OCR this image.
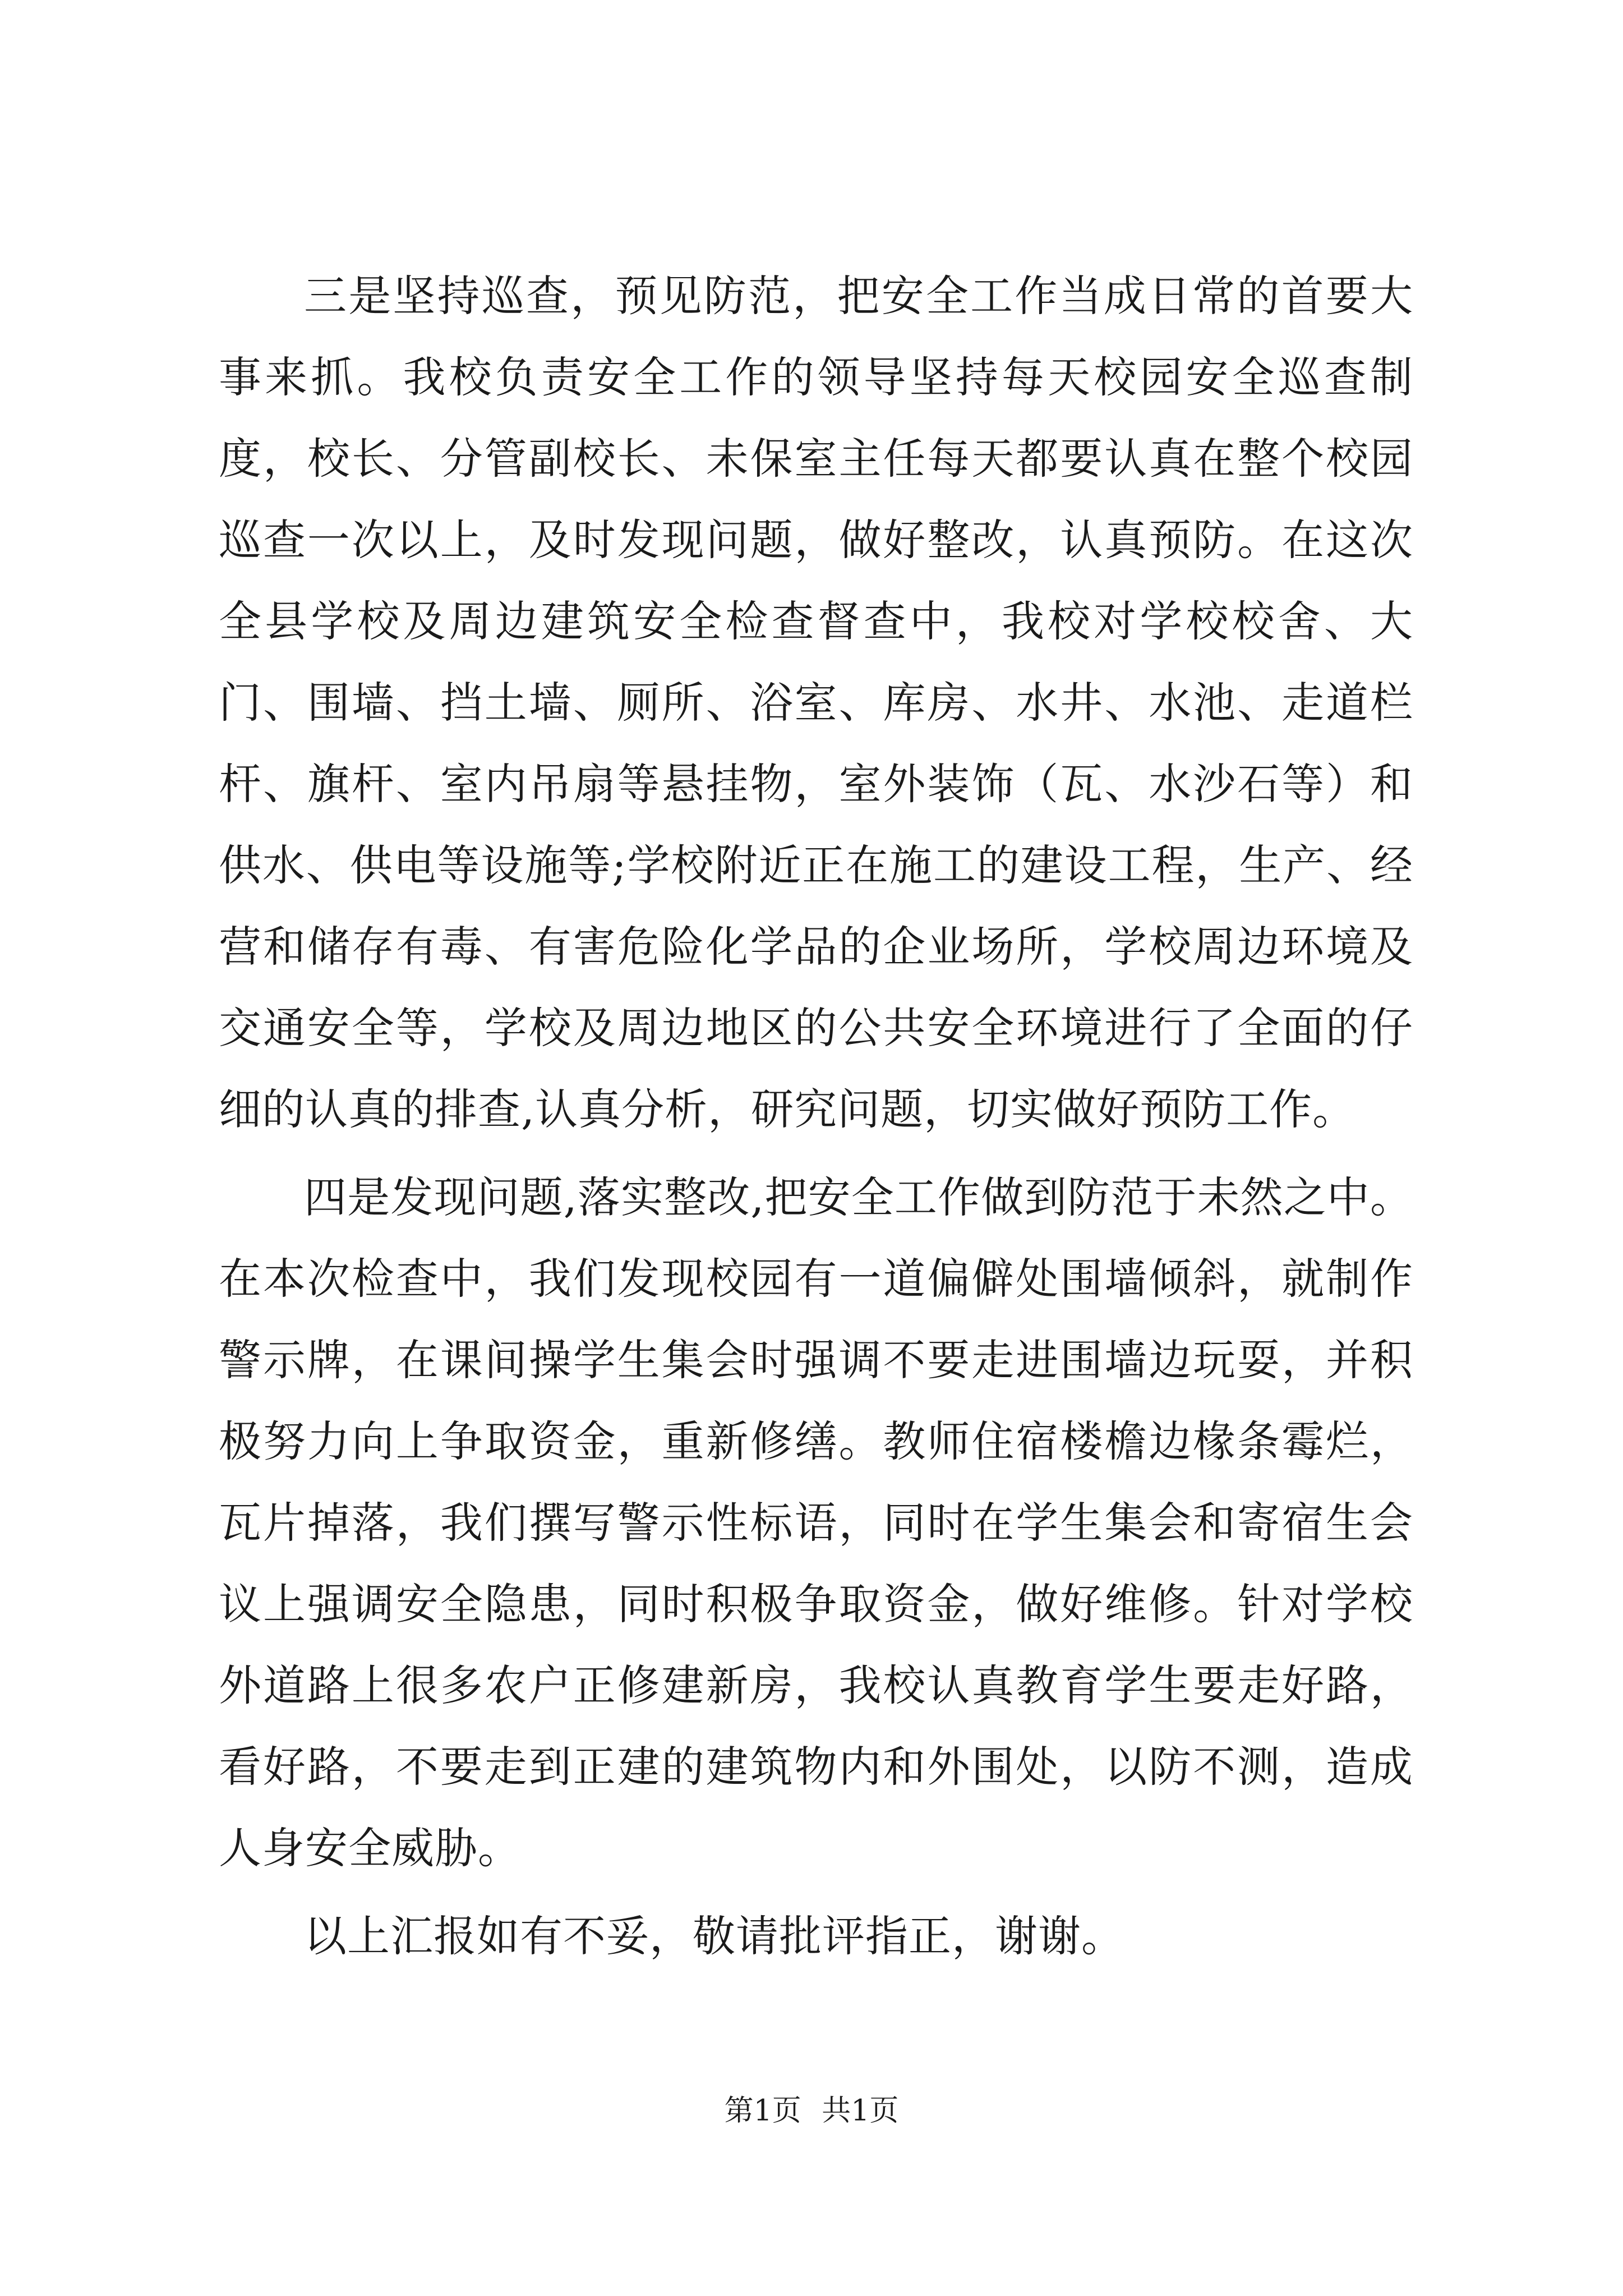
三是坚持巡查，预见防范，把安全工作当成日常的首要大事来抓。我校负责安全工作的领导坚持每天校园安全巡查制度，校长、分管副校长、未保室主任每天都要认真在整个校园巡查一次以上，及时发现问题，做好整改，认真预防。在这次全县学校及周边建筑安全检查督查中，我校对学校校舍、大门、围墙、挡土墙、厕所、浴室、库房、水井、水池、走道栏杆、旗杆、室内吊扇等悬挂物，室外装饰（瓦、水沙石等）和供水、供电等设施等;学校附近正在施工的建设工程，生产、经营和储存有毒、有害危险化学品的企业场所，学校周边环境及交通安全等，学校及周边地区的公共安全环境进行了全面的仔细的认真的排查,认真分析，研究问题，切实做好预防工作。

四是发现问题,落实整改,把安全工作做到防范于未然之中。在本次检查中，我们发现校园有一道偏僻处围墙倾斜，就制作警示牌，在课间操学生集会时强调不要走进围墙边玩耍，并积极努力向上争取资金，重新修缮。教师住宿楼檐边椽条霉烂，瓦片掉落，我们撰写警示性标语，同时在学生集会和寄宿生会议上强调安全隐患，同时积极争取资金，做好维修。针对学校外道路上很多农户正修建新房，我校认真教育学生要走好路，看好路，不要走到正建的建筑物内和外围处，以防不测，造成人身安全威胁。

以上汇报如有不妥，敬请批评指正，谢谢。

第1页 共1页
